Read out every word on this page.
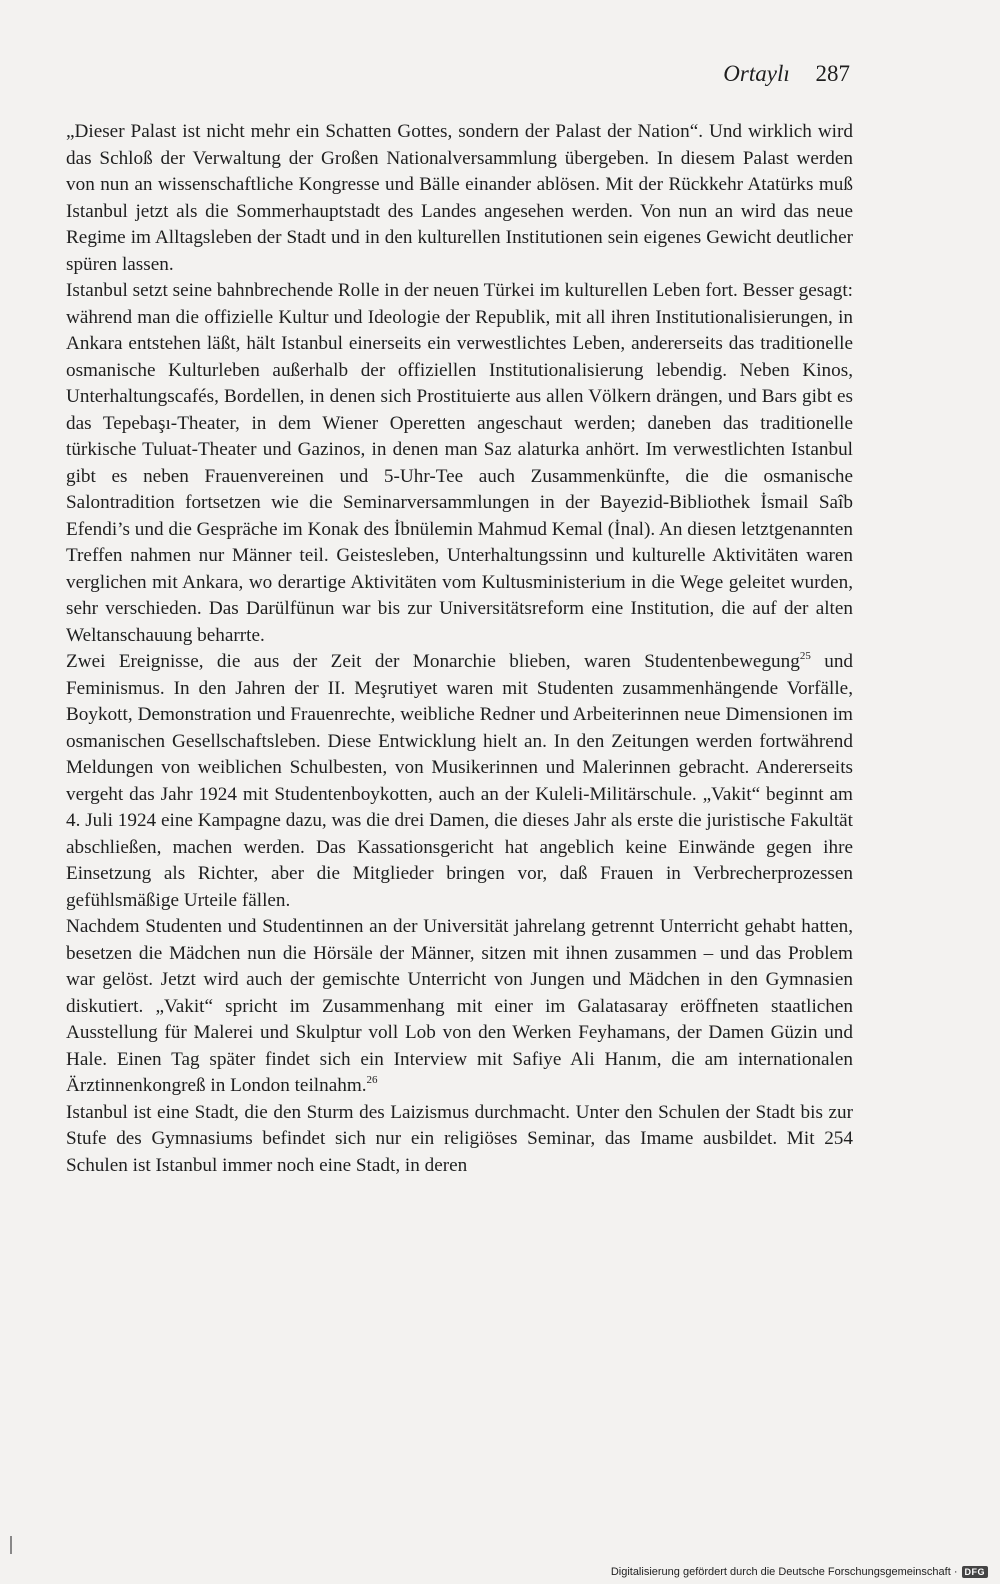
Ortaylı 287

„Dieser Palast ist nicht mehr ein Schatten Gottes, sondern der Palast der Nation“. Und wirklich wird das Schloß der Verwaltung der Großen Nationalversammlung übergeben. In diesem Palast werden von nun an wissenschaftliche Kongresse und Bälle einander ablösen. Mit der Rückkehr Atatürks muß Istanbul jetzt als die Sommerhauptstadt des Landes angesehen werden. Von nun an wird das neue Regime im Alltagsleben der Stadt und in den kulturellen Institutionen sein eigenes Gewicht deutlicher spüren lassen.

Istanbul setzt seine bahnbrechende Rolle in der neuen Türkei im kulturellen Leben fort. Besser gesagt: während man die offizielle Kultur und Ideologie der Republik, mit all ihren Institutionalisierungen, in Ankara entstehen läßt, hält Istanbul einerseits ein verwestlichtes Leben, andererseits das traditionelle osmanische Kulturleben außerhalb der offiziellen Institutionalisierung lebendig. Neben Kinos, Unterhaltungscafés, Bordellen, in denen sich Prostituierte aus allen Völkern drängen, und Bars gibt es das Tepebaşı-Theater, in dem Wiener Operetten angeschaut werden; daneben das traditionelle türkische Tuluat-Theater und Gazinos, in denen man Saz alaturka anhört. Im verwestlichten Istanbul gibt es neben Frauenvereinen und 5-Uhr-Tee auch Zusammenkünfte, die die osmanische Salontradition fortsetzen wie die Seminarversammlungen in der Bayezid-Bibliothek İsmail Saîb Efendi’s und die Gespräche im Konak des İbnülemin Mahmud Kemal (İnal). An diesen letztgenannten Treffen nahmen nur Männer teil. Geistesleben, Unterhaltungssinn und kulturelle Aktivitäten waren verglichen mit Ankara, wo derartige Aktivitäten vom Kultusministerium in die Wege geleitet wurden, sehr verschieden. Das Darülfünun war bis zur Universitätsreform eine Institution, die auf der alten Weltanschauung beharrte.

Zwei Ereignisse, die aus der Zeit der Monarchie blieben, waren Studentenbewegung$^{25}$ und Feminismus. In den Jahren der II. Meşrutiyet waren mit Studenten zusammenhängende Vorfälle, Boykott, Demonstration und Frauenrechte, weibliche Redner und Arbeiterinnen neue Dimensionen im osmanischen Gesellschaftsleben. Diese Entwicklung hielt an. In den Zeitungen werden fortwährend Meldungen von weiblichen Schulbesten, von Musikerinnen und Malerinnen gebracht. Andererseits vergeht das Jahr 1924 mit Studentenboykotten, auch an der Kuleli-Militärschule. „Vakit“ beginnt am 4. Juli 1924 eine Kampagne dazu, was die drei Damen, die dieses Jahr als erste die juristische Fakultät abschließen, machen werden. Das Kassationsgericht hat angeblich keine Einwände gegen ihre Einsetzung als Richter, aber die Mitglieder bringen vor, daß Frauen in Verbrecherprozessen gefühlsmäßige Urteile fällen.

Nachdem Studenten und Studentinnen an der Universität jahrelang getrennt Unterricht gehabt hatten, besetzen die Mädchen nun die Hörsäle der Männer, sitzen mit ihnen zusammen – und das Problem war gelöst. Jetzt wird auch der gemischte Unterricht von Jungen und Mädchen in den Gymnasien diskutiert. „Vakit“ spricht im Zusammenhang mit einer im Galatasaray eröffneten staatlichen Ausstellung für Malerei und Skulptur voll Lob von den Werken Feyhamans, der Damen Güzin und Hale. Einen Tag später findet sich ein Interview mit Safiye Ali Hanım, die am internationalen Ärztinnenkongreß in London teilnahm.$^{26}$

Istanbul ist eine Stadt, die den Sturm des Laizismus durchmacht. Unter den Schulen der Stadt bis zur Stufe des Gymnasiums befindet sich nur ein religiöses Seminar, das Imame ausbildet. Mit 254 Schulen ist Istanbul immer noch eine Stadt, in deren

Digitalisierung gefördert durch die Deutsche Forschungsgemeinschaft · DFG
